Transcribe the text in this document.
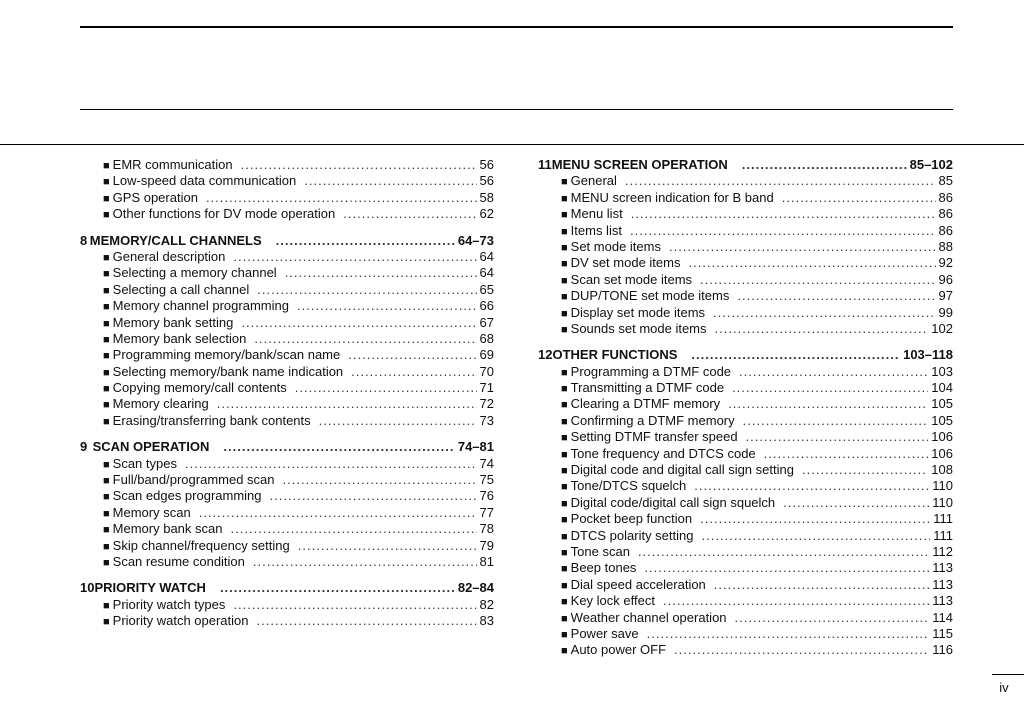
■ EMR communication . . .	56
■ Low-speed data communication . . .	56
■ GPS operation . . .	58
■ Other functions for DV mode operation . . .	62
8 MEMORY/CALL CHANNELS . . .	64–73
■ General description . . .	64
■ Selecting a memory channel . . .	64
■ Selecting a call channel . . .	65
■ Memory channel programming . . .	66
■ Memory bank setting . . .	67
■ Memory bank selection . . .	68
■ Programming memory/bank/scan name . . .	69
■ Selecting memory/bank name indication . . .	70
■ Copying memory/call contents . . .	71
■ Memory clearing . . .	72
■ Erasing/transferring bank contents . . .	73
9 SCAN OPERATION . . .	74–81
■ Scan types . . .	74
■ Full/band/programmed scan . . .	75
■ Scan edges programming . . .	76
■ Memory scan . . .	77
■ Memory bank scan . . .	78
■ Skip channel/frequency setting . . .	79
■ Scan resume condition . . .	81
10 PRIORITY WATCH . . .	82–84
■ Priority watch types . . .	82
■ Priority watch operation . . .	83
11 MENU SCREEN OPERATION . . .	85–102
■ General . . .	85
■ MENU screen indication for B band . . .	86
■ Menu list . . .	86
■ Items list . . .	86
■ Set mode items . . .	88
■ DV set mode items . . .	92
■ Scan set mode items . . .	96
■ DUP/TONE set mode items . . .	97
■ Display set mode items . . .	99
■ Sounds set mode items . . .	102
12 OTHER FUNCTIONS . . .	103–118
■ Programming a DTMF code . . .	103
■ Transmitting a DTMF code . . .	104
■ Clearing a DTMF memory . . .	105
■ Confirming a DTMF memory . . .	105
■ Setting DTMF transfer speed . . .	106
■ Tone frequency and DTCS code . . .	106
■ Digital code and digital call sign setting . . .	108
■ Tone/DTCS squelch . . .	110
■ Digital code/digital call sign squelch . . .	110
■ Pocket beep function . . .	111
■ DTCS polarity setting . . .	111
■ Tone scan . . .	112
■ Beep tones . . .	113
■ Dial speed acceleration . . .	113
■ Key lock effect . . .	113
■ Weather channel operation . . .	114
■ Power save . . .	115
■ Auto power OFF . . .	116
iv
